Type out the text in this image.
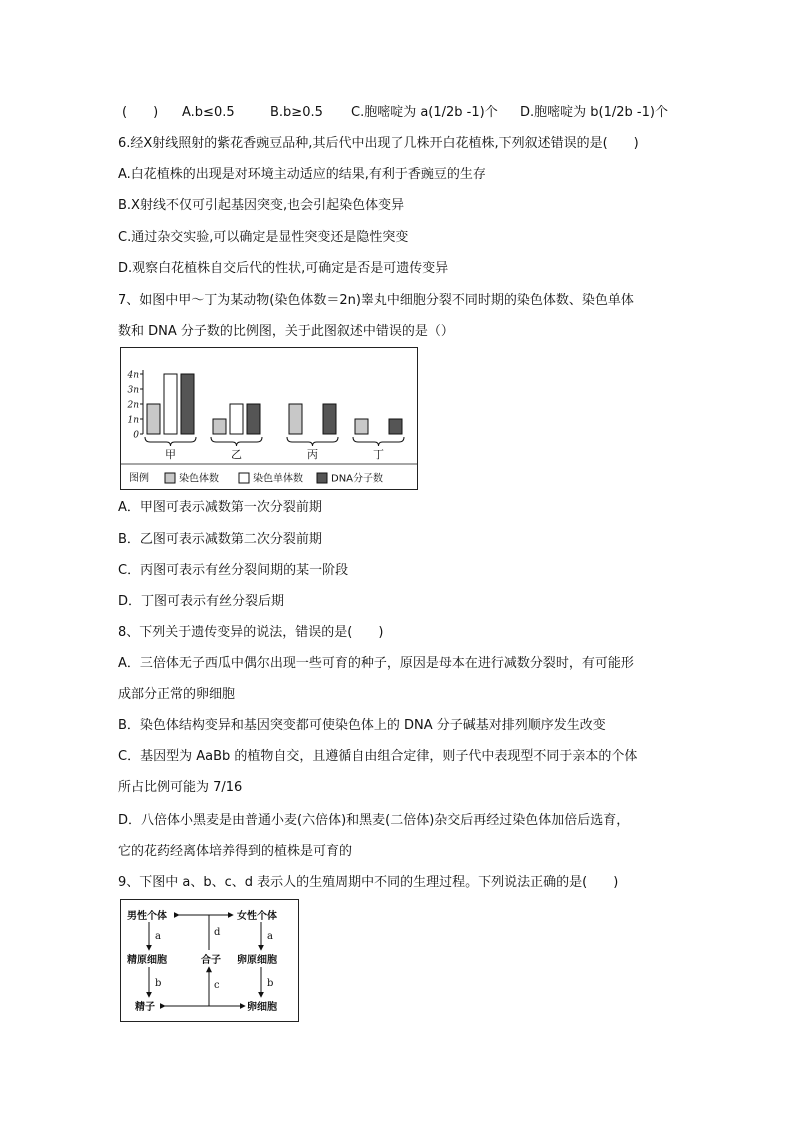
(　　) A.b≤0.5	B.b≥0.5 C.胞嘧啶为 a(1/2b -1)个 D.胞嘧啶为 b(1/2b -1)个
6.经X射线照射的紫花香豌豆品种,其后代中出现了几株开白花植株,下列叙述错误的是(　　)
A.白花植株的出现是对环境主动适应的结果,有利于香豌豆的生存
B.X射线不仅可引起基因突变,也会引起染色体变异
C.通过杂交实验,可以确定是显性突变还是隐性突变
D.观察白花植株自交后代的性状,可确定是否是可遗传变异
7、如图中甲～丁为某动物(染色体数＝2n)睾丸中细胞分裂不同时期的染色体数、染色单体
数和 DNA 分子数的比例图，关于此图叙述中错误的是（）
4n
3n
2n
1n
0
甲	乙	丙	丁
图例	染色体数	染色单体数	DNA分子数
A．甲图可表示减数第一次分裂前期
B．乙图可表示减数第二次分裂前期
C．丙图可表示有丝分裂间期的某一阶段
D．丁图可表示有丝分裂后期
8、下列关于遗传变异的说法，错误的是(　　)
A．三倍体无子西瓜中偶尔出现一些可育的种子，原因是母本在进行减数分裂时，有可能形
成部分正常的卵细胞
B．染色体结构变异和基因突变都可使染色体上的 DNA 分子碱基对排列顺序发生改变
C．基因型为 AaBb 的植物自交，且遵循自由组合定律，则子代中表现型不同于亲本的个体
所占比例可能为 7/16
D．八倍体小黑麦是由普通小麦(六倍体)和黑麦(二倍体)杂交后再经过染色体加倍后选育，
它的花药经离体培养得到的植株是可育的
9、下图中 a、b、c、d 表示人的生殖周期中不同的生理过程。下列说法正确的是(　　)
男性个体	女性个体
精原细胞	合子 卵原细胞
精子	卵细胞
d
a	a
b	b
c
